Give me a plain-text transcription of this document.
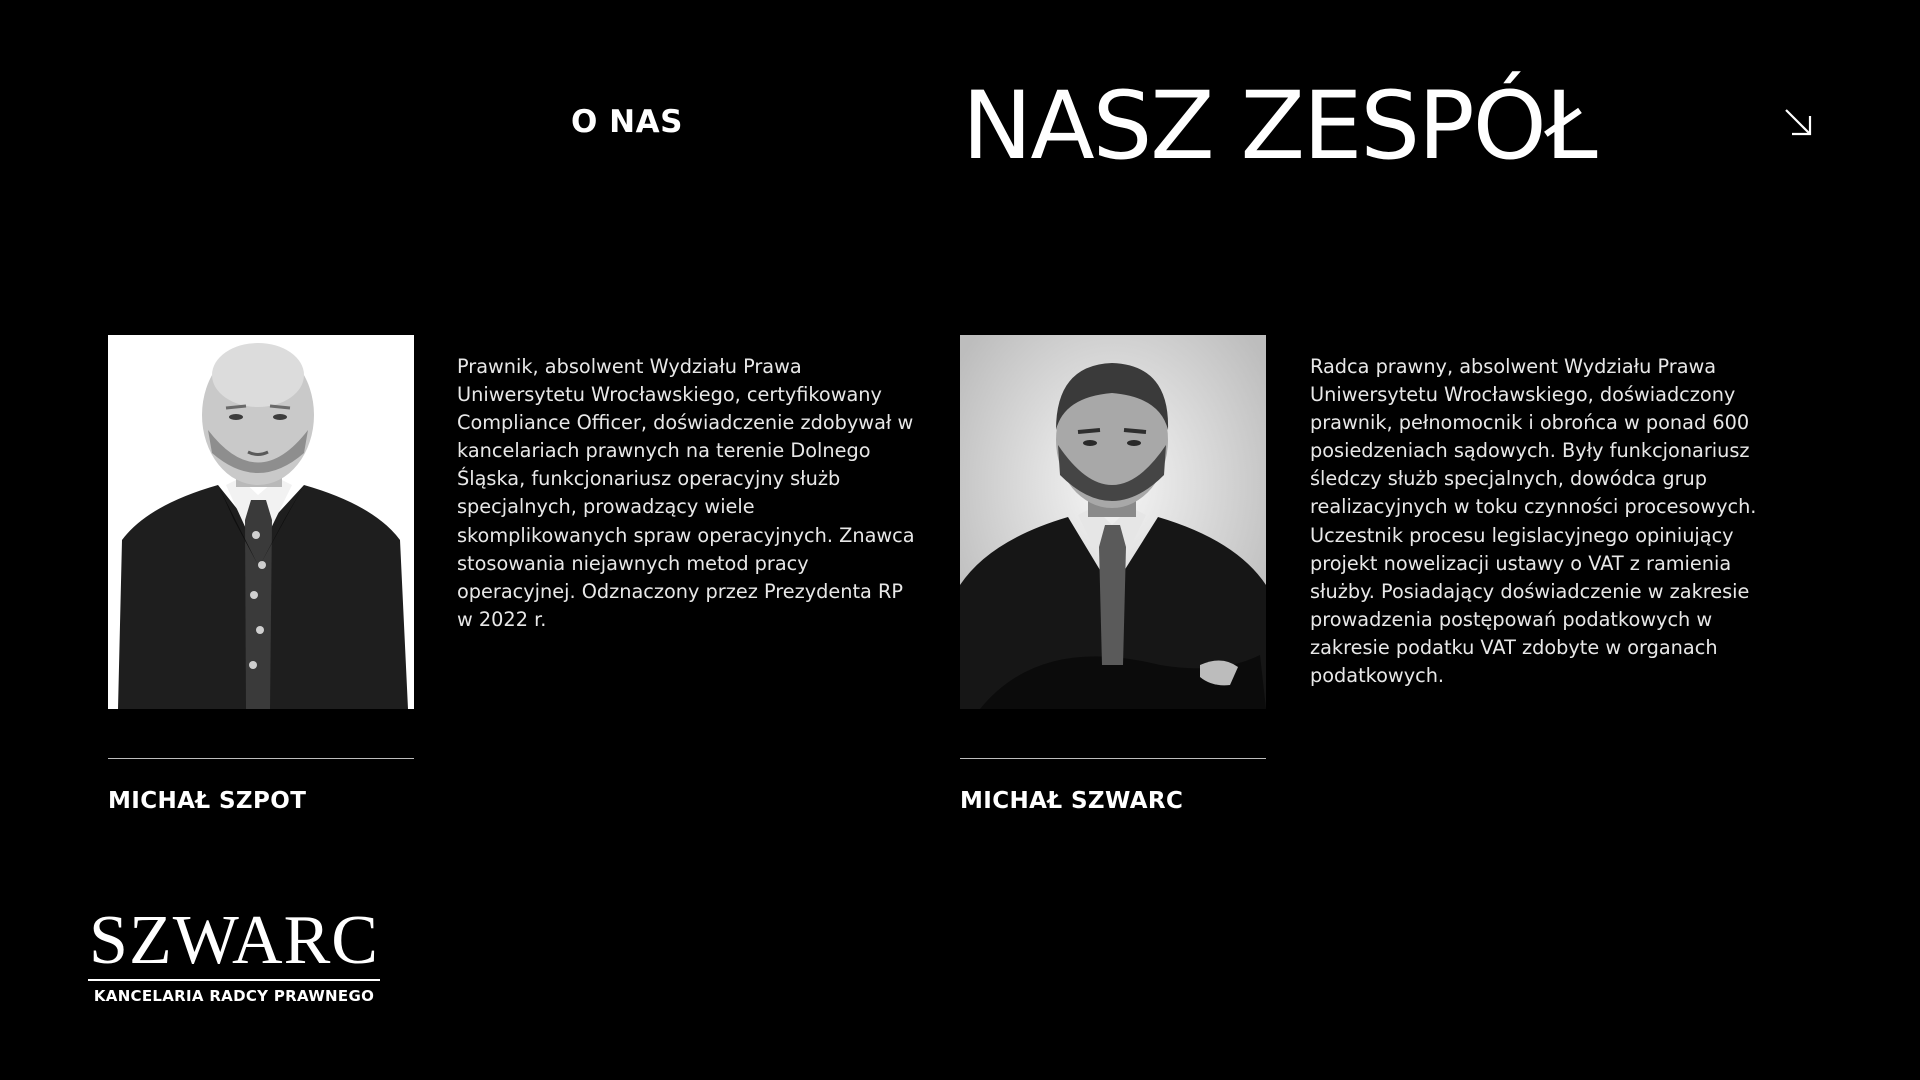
O NAS	NASZ ZESPÓŁ
Prawnik, absolwent Wydziału Prawa Uniwersytetu Wrocławskiego, certyfikowany Compliance Officer, doświadczenie zdobywał w kancelariach prawnych na terenie Dolnego Śląska, funkcjonariusz operacyjny służb specjalnych, prowadzący wiele skomplikowanych spraw operacyjnych. Znawca stosowania niejawnych metod pracy operacyjnej. Odznaczony przez Prezydenta RP w 2022 r.
MICHAŁ SZPOT
Radca prawny, absolwent Wydziału Prawa Uniwersytetu Wrocławskiego, doświadczony prawnik, pełnomocnik i obrońca w ponad 600 posiedzeniach sądowych. Były funkcjonariusz śledczy służb specjalnych, dowódca grup realizacyjnych w toku czynności procesowych. Uczestnik procesu legislacyjnego opiniujący projekt nowelizacji ustawy o VAT z ramienia służby. Posiadający doświadczenie w zakresie prowadzenia postępowań podatkowych w zakresie podatku VAT zdobyte w organach podatkowych.
MICHAŁ SZWARC
SZWARC
KANCELARIA RADCY PRAWNEGO
